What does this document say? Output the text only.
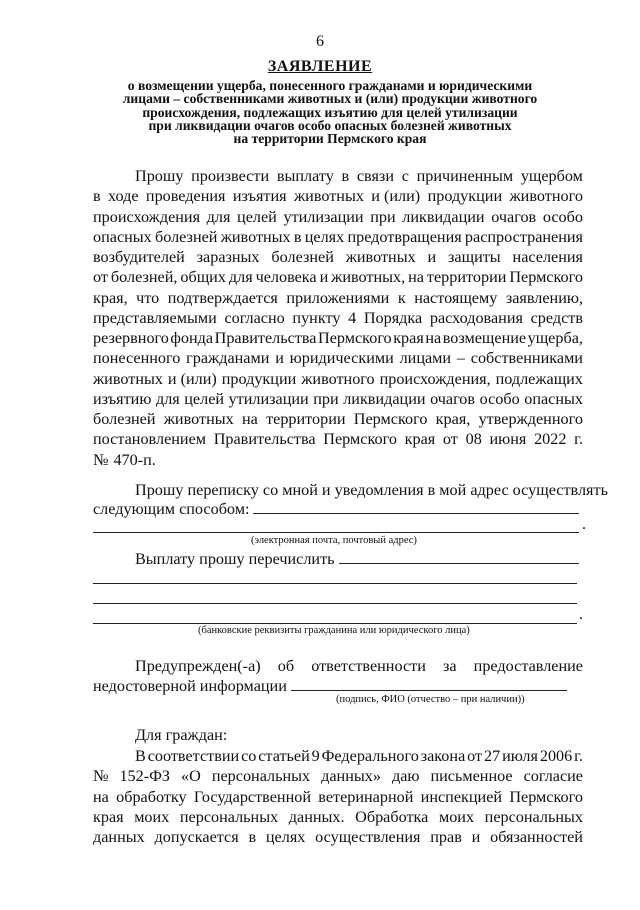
6
ЗАЯВЛЕНИЕ
о возмещении ущерба, понесенного гражданами и юридическими
лицами – собственниками животных и (или) продукции животного
происхождения, подлежащих изъятию для целей утилизации
при ликвидации очагов особо опасных болезней животных
на территории Пермского края
Прошу произвести выплату в связи с причиненным ущербом
в ходе проведения изъятия животных и (или) продукции животного
происхождения для целей утилизации при ликвидации очагов особо
опасных болезней животных в целях предотвращения распространения
возбудителей заразных болезней животных и защиты населения
от болезней, общих для человека и животных, на территории Пермского
края, что подтверждается приложениями к настоящему заявлению,
представляемыми согласно пункту 4 Порядка расходования средств
резервного фонда Правительства Пермского края на возмещение ущерба,
понесенного гражданами и юридическими лицами – собственниками
животных и (или) продукции животного происхождения, подлежащих
изъятию для целей утилизации при ликвидации очагов особо опасных
болезней животных на территории Пермского края, утвержденного
постановлением Правительства Пермского края от 08 июня 2022 г.
№ 470-п.
Прошу переписку со мной и уведомления в мой адрес осуществлять
следующим способом:
.
(электронная почта, почтовый адрес)
Выплату прошу перечислить
.
(банковские реквизиты гражданина или юридического лица)
Предупрежден(-а) об ответственности за предоставление
недостоверной информации
(подпись, ФИО (отчество – при наличии))
Для граждан:
В соответствии со статьей 9 Федерального закона от 27 июля 2006 г.
№ 152-ФЗ «О персональных данных» даю письменное согласие
на обработку Государственной ветеринарной инспекцией Пермского
края моих персональных данных. Обработка моих персональных
данных допускается в целях осуществления прав и обязанностей
